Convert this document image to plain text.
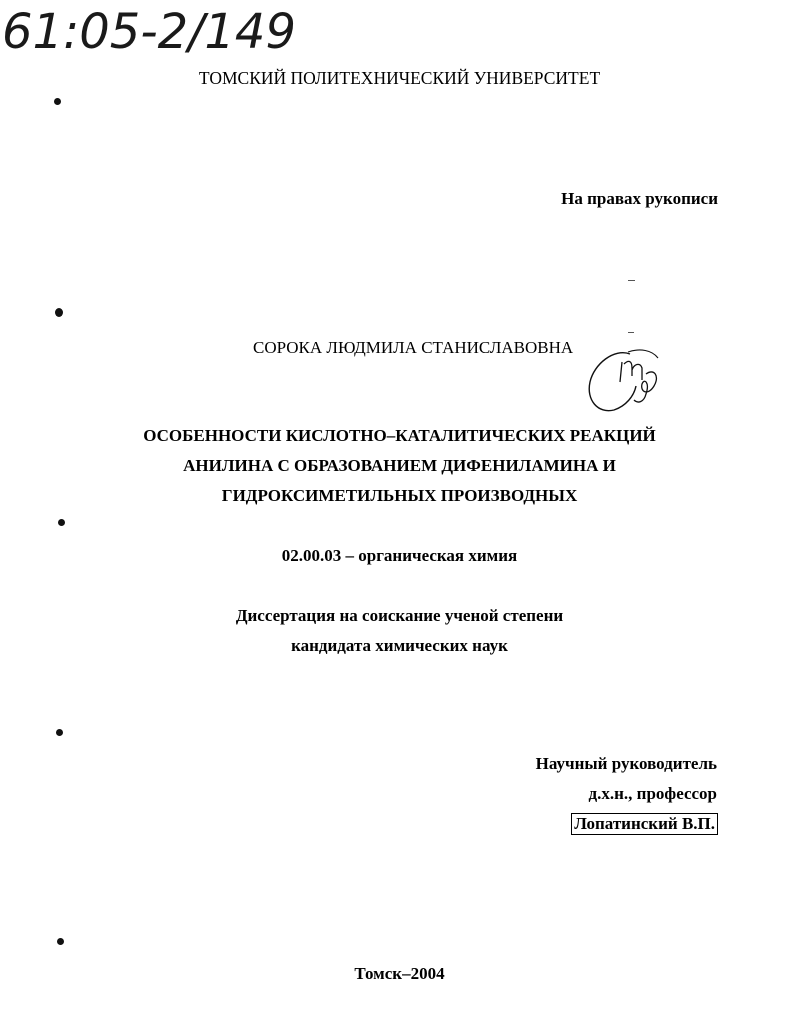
61:05-2/149
ТОМСКИЙ ПОЛИТЕХНИЧЕСКИЙ УНИВЕРСИТЕТ
На правах рукописи
СОРОКА ЛЮДМИЛА СТАНИСЛАВОВНА
ОСОБЕННОСТИ КИСЛОТНО–КАТАЛИТИЧЕСКИХ РЕАКЦИЙ
АНИЛИНА С ОБРАЗОВАНИЕМ ДИФЕНИЛАМИНА И
ГИДРОКСИМЕТИЛЬНЫХ ПРОИЗВОДНЫХ
02.00.03 – органическая химия
Диссертация на соискание ученой степени
кандидата химических наук
Научный руководитель
д.х.н., профессор
Лопатинский В.П.
Томск–2004
